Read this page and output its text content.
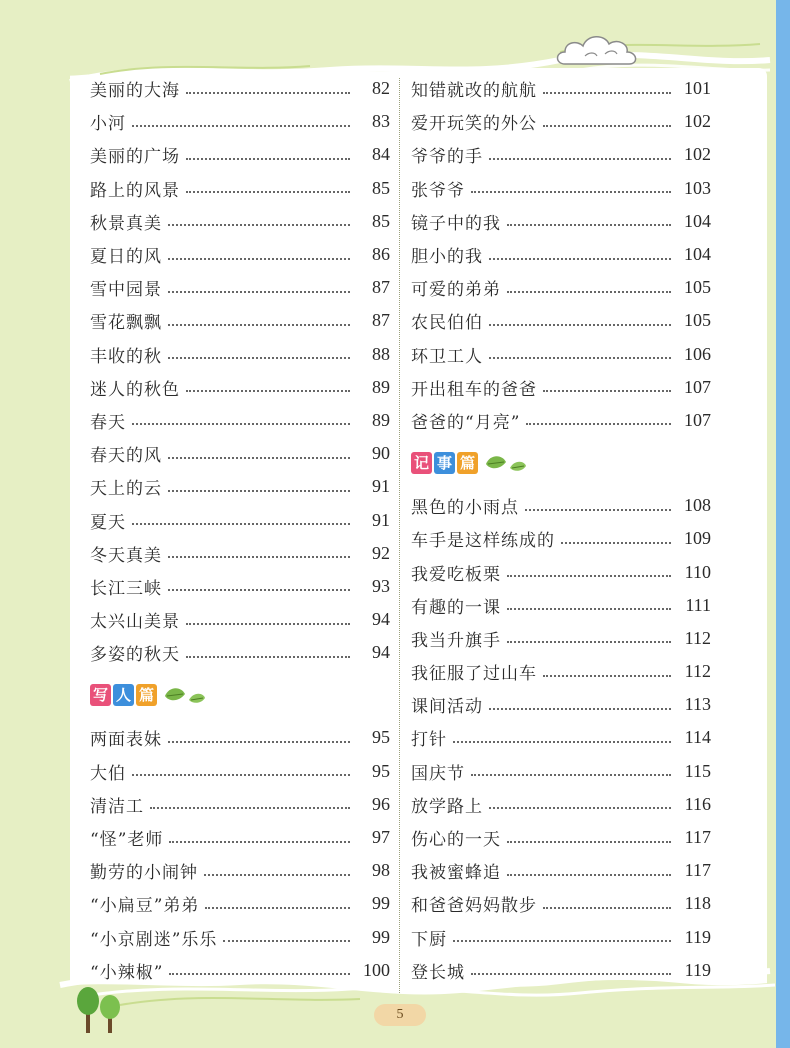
美丽的大海	82
小河	83
美丽的广场	84
路上的风景	85
秋景真美	85
夏日的风	86
雪中园景	87
雪花飘飘	87
丰收的秋	88
迷人的秋色	89
春天	89
春天的风	90
天上的云	91
夏天	91
冬天真美	92
长江三峡	93
太兴山美景	94
多姿的秋天	94
写 人 篇
两面表妹	95
大伯	95
清洁工	96
“怪”老师	97
勤劳的小闹钟	98
“小扁豆”弟弟	99
“小京剧迷”乐乐	99
“小辣椒”	100
知错就改的航航	101
爱开玩笑的外公	102
爷爷的手	102
张爷爷	103
镜子中的我	104
胆小的我	104
可爱的弟弟	105
农民伯伯	105
环卫工人	106
开出租车的爸爸	107
爸爸的“月亮”	107
记 事 篇
黑色的小雨点	108
车手是这样练成的	109
我爱吃板栗	110
有趣的一课	111
我当升旗手	112
我征服了过山车	112
课间活动	113
打针	114
国庆节	115
放学路上	116
伤心的一天	117
我被蜜蜂追	117
和爸爸妈妈散步	118
下厨	119
登长城	119
5
